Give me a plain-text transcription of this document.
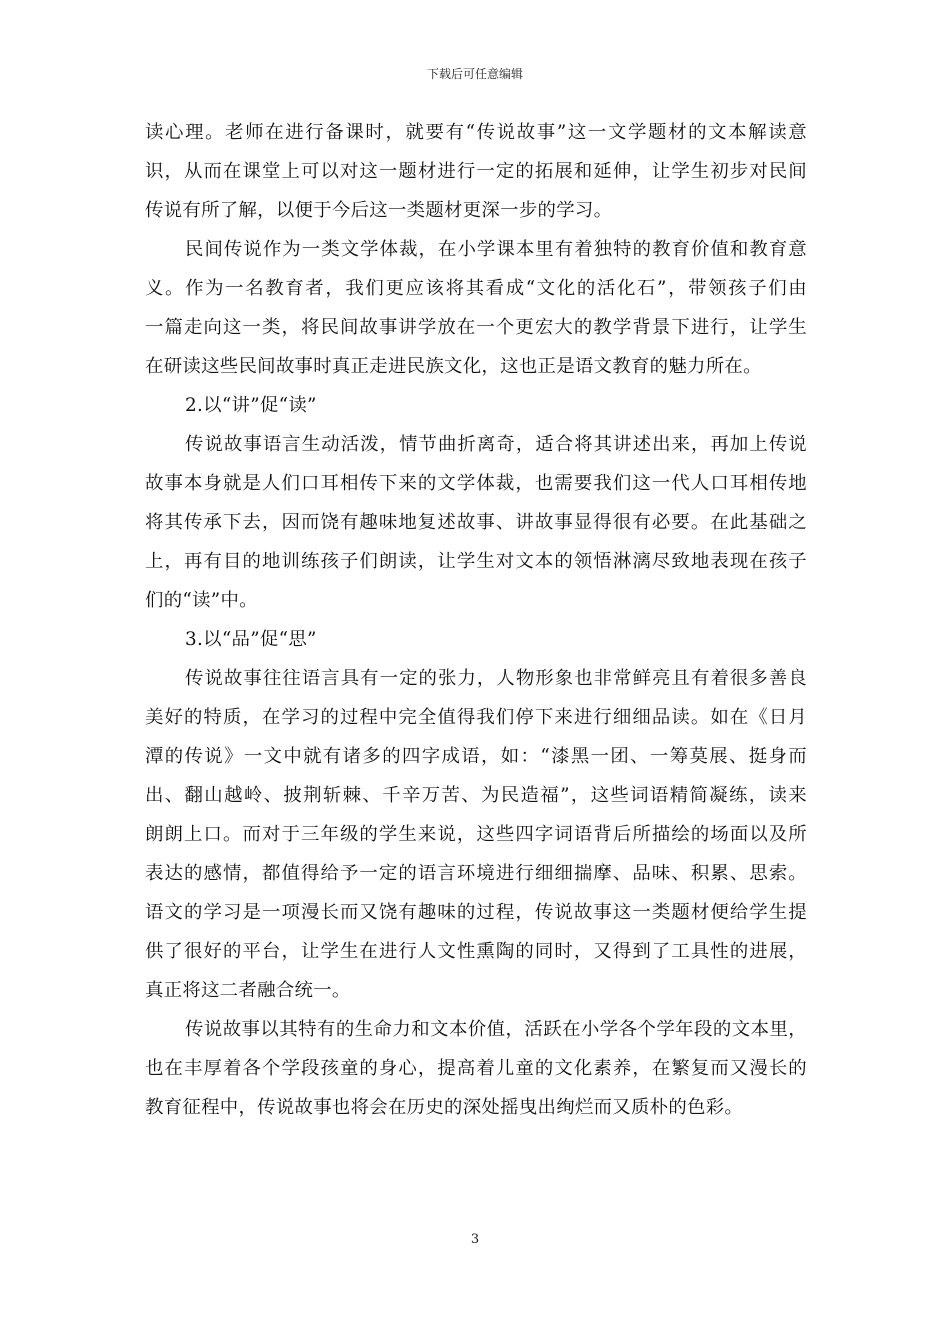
下载后可任意编辑
读心理。老师在进行备课时，就要有“传说故事”这一文学题材的文本解读意
识，从而在课堂上可以对这一题材进行一定的拓展和延伸，让学生初步对民间
传说有所了解，以便于今后这一类题材更深一步的学习。
民间传说作为一类文学体裁，在小学课本里有着独特的教育价值和教育意
义。作为一名教育者，我们更应该将其看成“文化的活化石”，带领孩子们由
一篇走向这一类，将民间故事讲学放在一个更宏大的教学背景下进行，让学生
在研读这些民间故事时真正走进民族文化，这也正是语文教育的魅力所在。
2.以“讲”促“读”
传说故事语言生动活泼，情节曲折离奇，适合将其讲述出来，再加上传说
故事本身就是人们口耳相传下来的文学体裁，也需要我们这一代人口耳相传地
将其传承下去，因而饶有趣味地复述故事、讲故事显得很有必要。在此基础之
上，再有目的地训练孩子们朗读，让学生对文本的领悟淋漓尽致地表现在孩子
们的“读”中。
3.以“品”促“思”
传说故事往往语言具有一定的张力，人物形象也非常鲜亮且有着很多善良
美好的特质，在学习的过程中完全值得我们停下来进行细细品读。如在《日月
潭的传说》一文中就有诸多的四字成语，如：“漆黑一团、一筹莫展、挺身而
出、翻山越岭、披荆斩棘、千辛万苦、为民造福”，这些词语精简凝练，读来
朗朗上口。而对于三年级的学生来说，这些四字词语背后所描绘的场面以及所
表达的感情，都值得给予一定的语言环境进行细细揣摩、品味、积累、思索。
语文的学习是一项漫长而又饶有趣味的过程，传说故事这一类题材便给学生提
供了很好的平台，让学生在进行人文性熏陶的同时，又得到了工具性的进展，
真正将这二者融合统一。
传说故事以其特有的生命力和文本价值，活跃在小学各个学年段的文本里，
也在丰厚着各个学段孩童的身心，提高着儿童的文化素养，在繁复而又漫长的
教育征程中，传说故事也将会在历史的深处摇曳出绚烂而又质朴的色彩。
3
